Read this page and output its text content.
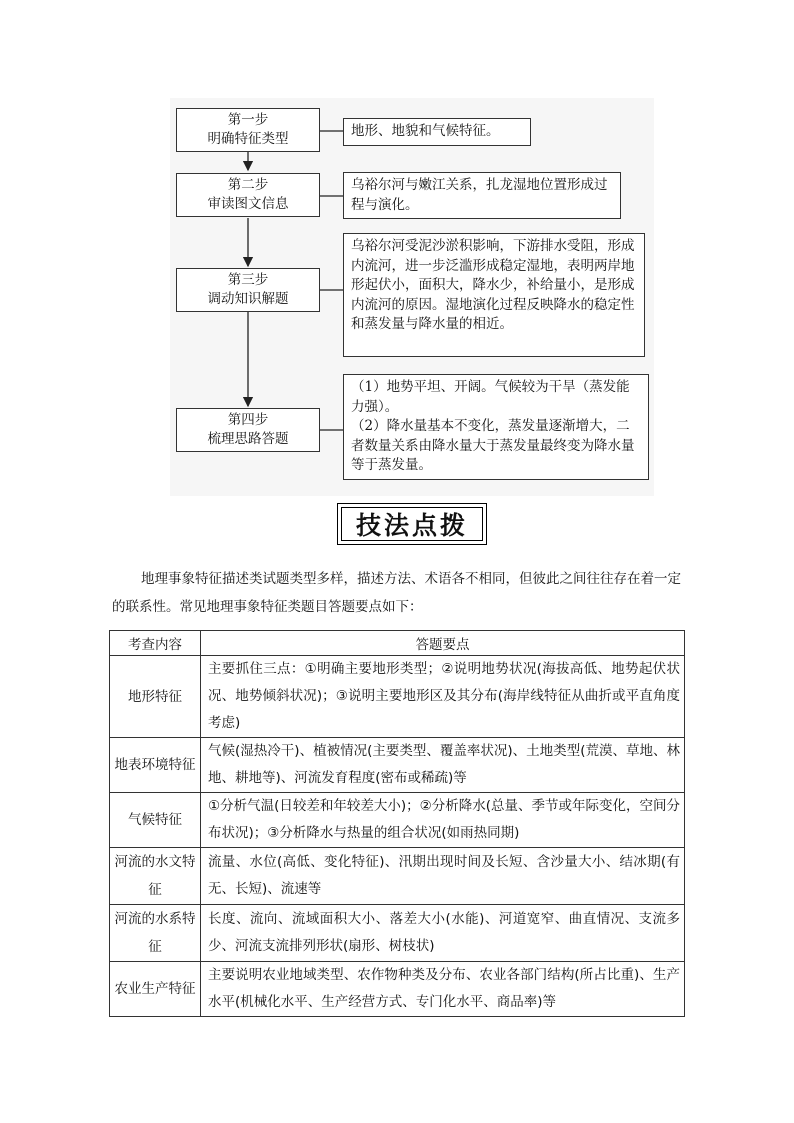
第一步
明确特征类型
第二步
审读图文信息
第三步
调动知识解题
第四步
梳理思路答题

地形、地貌和气候特征。

乌裕尔河与嫩江关系，扎龙湿地位置形成过程与演化。

乌裕尔河受泥沙淤积影响，下游排水受阻，形成内流河，进一步泛滥形成稳定湿地，表明两岸地形起伏小，面积大，降水少，补给量小，是形成内流河的原因。湿地演化过程反映降水的稳定性和蒸发量与降水量的相近。

（1）地势平坦、开阔。气候较为干旱（蒸发能力强）。

（2）降水量基本不变化，蒸发量逐渐增大，二者数量关系由降水量大于蒸发量最终变为降水量等于蒸发量。

技法点拨

地理事象特征描述类试题类型多样，描述方法、术语各不相同，但彼此之间往往存在着一定的联系性。常见地理事象特征类题目答题要点如下：

考查内容	答题要点
地形特征	主要抓住三点：①明确主要地形类型；②说明地势状况(海拔高低、地势起伏状况、地势倾斜状况)；③说明主要地形区及其分布(海岸线特征从曲折或平直角度考虑)
地表环境特征	气候(湿热冷干)、植被情况(主要类型、覆盖率状况)、土地类型(荒漠、草地、林地、耕地等)、河流发育程度(密布或稀疏)等
气候特征	①分析气温(日较差和年较差大小)；②分析降水(总量、季节或年际变化，空间分布状况)；③分析降水与热量的组合状况(如雨热同期)
河流的水文特征	流量、水位(高低、变化特征)、汛期出现时间及长短、含沙量大小、结冰期(有无、长短)、流速等
河流的水系特征	长度、流向、流域面积大小、落差大小(水能)、河道宽窄、曲直情况、支流多少、河流支流排列形状(扇形、树枝状)
农业生产特征	主要说明农业地域类型、农作物种类及分布、农业各部门结构(所占比重)、生产水平(机械化水平、生产经营方式、专门化水平、商品率)等
